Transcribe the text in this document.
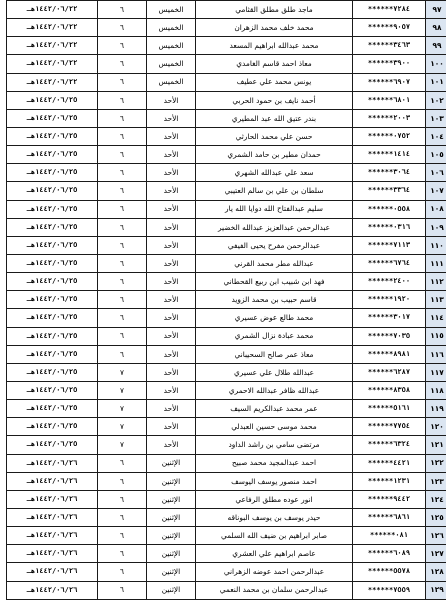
٩٧	٧٢٨٤******	ماجد طلق مطلق القثامي	الخميس	٦	١٤٤٢/٠٦/٢٢هـ
٩٨	٩٠٥٧******	محمد خلف محمد الزهران	الخميس	٦	١٤٤٢/٠٦/٢٢هـ
٩٩	٣٤٦٣******	محمد عبدالله ابراهيم المسعد	الخميس	٦	١٤٤٢/٠٦/٢٢هـ
١٠٠	٣٩٠٠******	معاذ احمد قاسم الغامدي	الخميس	٦	١٤٤٢/٠٦/٢٢هـ
١٠١	٦٩٠٧******	يونس محمد علي عطيف	الخميس	٦	١٤٤٢/٠٦/٢٢هـ
١٠٢	٦٨٠١******	أحمد نايف بن حمود الحربي	الأحد	٦	١٤٤٢/٠٦/٢٥هـ
١٠٣	٢٠٠٣******	بندر عتيق الله عبد المطيري	الأحد	٦	١٤٤٢/٠٦/٢٥هـ
١٠٤	٠٧٥٢******	حسن علي محمد الحارثي	الأحد	٦	١٤٤٢/٠٦/٢٥هـ
١٠٥	١٤١٤******	حمدان مطير بن حامد الشمري	الأحد	٦	١٤٤٢/٠٦/٢٥هـ
١٠٦	٣٠٦٤******	سعد علي عبدالله الشهري	الأحد	٦	١٤٤٢/٠٦/٢٥هـ
١٠٧	٣٣٦٤******	سلطان بن علي بن سالم العتيبي	الأحد	٦	١٤٤٢/٠٦/٢٥هـ
١٠٨	٠٥٥٨******	سليم عبدالفتاح الله دوايا الله يار	الأحد	٦	١٤٤٢/٠٦/٢٥هـ
١٠٩	٠٣١٦******	عبدالرحمن عبدالعزيز عبدالله الخضير	الأحد	٦	١٤٤٢/٠٦/٢٥هـ
١١٠	٧١١٣******	عبدالرحمن مفرح يحيى الفيفي	الأحد	٦	١٤٤٢/٠٦/٢٥هـ
١١١	٦٧٦٤******	عبدالله مطر محمد القرني	الأحد	٦	١٤٤٢/٠٦/٢٥هـ
١١٢	٢٤٠٠******	فهد ابن شبيب ابن ربيع القحطاني	الأحد	٦	١٤٤٢/٠٦/٢٥هـ
١١٣	١٩٢٠******	قاسم حبيب بن محمد الزويد	الأحد	٦	١٤٤٢/٠٦/٢٥هـ
١١٤	٣٠١٧******	محمد طالع عوض عسيري	الأحد	٦	١٤٤٢/٠٦/٢٥هـ
١١٥	٧٠٣٥******	محمد عبادة نزال الشمري	الأحد	٦	١٤٤٢/٠٦/٢٥هـ
١١٦	٨٩٨١******	معاذ عمر صالح السحيباني	الأحد	٦	١٤٤٢/٠٦/٢٥هـ
١١٧	٦٢٨٧******	عبدالله طلال علي عسيري	الأحد	٧	١٤٤٢/٠٦/٢٥هـ
١١٨	٨٣٥٨******	عبدالله ظافر عبدالله الاحمري	الأحد	٧	١٤٤٢/٠٦/٢٥هـ
١١٩	٥١٦١******	عمر محمد عبدالكريم السيف	الأحد	٧	١٤٤٢/٠٦/٢٥هـ
١٢٠	٧٧٥٤******	محمد موسى حسين العبدلي	الأحد	٧	١٤٤٢/٠٦/٢٥هـ
١٢١	٦٣٢٤******	مرتضى سامي بن راشد الداود	الأحد	٧	١٤٤٢/٠٦/٢٥هـ
١٢٢	٤٤٢١******	احمد عبدالمجيد محمد صبيح	الإثنين	٦	١٤٤٢/٠٦/٢٦هـ
١٢٣	١٢٣١******	احمد منصور يوسف اليوسف	الإثنين	٦	١٤٤٢/٠٦/٢٦هـ
١٢٤	٩٤٤٢******	انور عوده مطلق الرفاعي	الإثنين	٦	١٤٤٢/٠٦/٢٦هـ
١٢٥	٦٨٦١******	حيدر يوسف بن يوسف البوناقه	الإثنين	٦	١٤٤٢/٠٦/٢٦هـ
١٢٦	٠٨١******	صابر ابراهيم بن ضيف الله السلمي	الإثنين	٦	١٤٤٢/٠٦/٢٦هـ
١٢٧	٦٠٨٩******	عاصم ابراهيم علي العشري	الإثنين	٦	١٤٤٢/٠٦/٢٦هـ
١٢٨	٥٥٧٨******	عبدالرحمن احمد عوضه الزهراني	الإثنين	٦	١٤٤٢/٠٦/٢٦هـ
١٢٩	٧٥٥٩******	عبدالرحمن سلمان بن محمد النعمي	الإثنين	٦	١٤٤٢/٠٦/٢٦هـ
